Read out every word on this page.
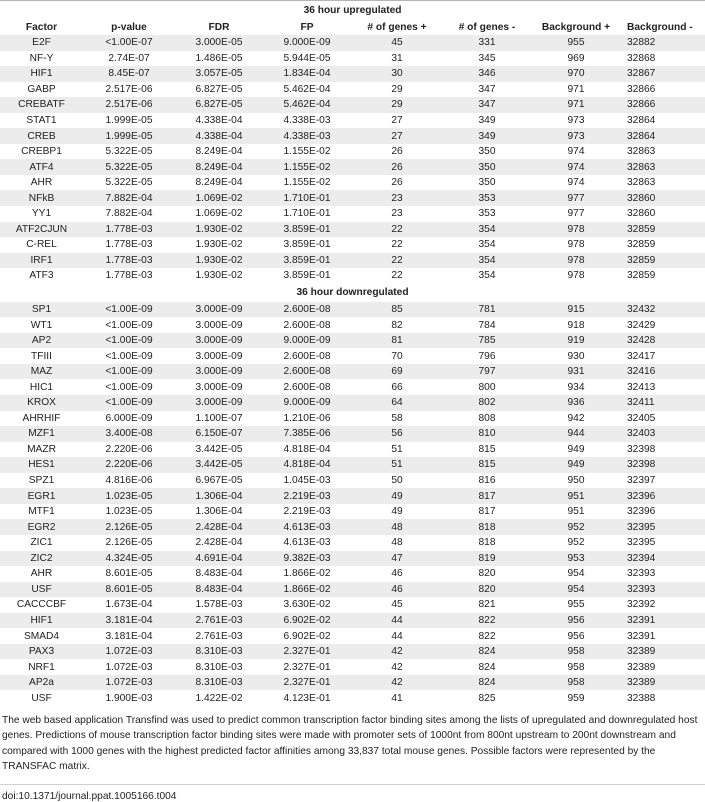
36 hour upregulated							
Factor	p-value	FDR	FP	# of genes +	# of genes -	Background +	Background -
E2F	<1.00E-07	3.000E-05	9.000E-09	45	331	955	32882
NF-Y	2.74E-07	1.486E-05	5.944E-05	31	345	969	32868
HIF1	8.45E-07	3.057E-05	1.834E-04	30	346	970	32867
GABP	2.517E-06	6.827E-05	5.462E-04	29	347	971	32866
CREBATF	2.517E-06	6.827E-05	5.462E-04	29	347	971	32866
STAT1	1.999E-05	4.338E-04	4.338E-03	27	349	973	32864
CREB	1.999E-05	4.338E-04	4.338E-03	27	349	973	32864
CREBP1	5.322E-05	8.249E-04	1.155E-02	26	350	974	32863
ATF4	5.322E-05	8.249E-04	1.155E-02	26	350	974	32863
AHR	5.322E-05	8.249E-04	1.155E-02	26	350	974	32863
NFkB	7.882E-04	1.069E-02	1.710E-01	23	353	977	32860
YY1	7.882E-04	1.069E-02	1.710E-01	23	353	977	32860
ATF2CJUN	1.778E-03	1.930E-02	3.859E-01	22	354	978	32859
C-REL	1.778E-03	1.930E-02	3.859E-01	22	354	978	32859
IRF1	1.778E-03	1.930E-02	3.859E-01	22	354	978	32859
ATF3	1.778E-03	1.930E-02	3.859E-01	22	354	978	32859
36 hour downregulated							
SP1	<1.00E-09	3.000E-09	2.600E-08	85	781	915	32432
WT1	<1.00E-09	3.000E-09	2.600E-08	82	784	918	32429
AP2	<1.00E-09	3.000E-09	9.000E-09	81	785	919	32428
TFIII	<1.00E-09	3.000E-09	2.600E-08	70	796	930	32417
MAZ	<1.00E-09	3.000E-09	2.600E-08	69	797	931	32416
HIC1	<1.00E-09	3.000E-09	2.600E-08	66	800	934	32413
KROX	<1.00E-09	3.000E-09	9.000E-09	64	802	936	32411
AHRHIF	6.000E-09	1.100E-07	1.210E-06	58	808	942	32405
MZF1	3.400E-08	6.150E-07	7.385E-06	56	810	944	32403
MAZR	2.220E-06	3.442E-05	4.818E-04	51	815	949	32398
HES1	2.220E-06	3.442E-05	4.818E-04	51	815	949	32398
SPZ1	4.816E-06	6.967E-05	1.045E-03	50	816	950	32397
EGR1	1.023E-05	1.306E-04	2.219E-03	49	817	951	32396
MTF1	1.023E-05	1.306E-04	2.219E-03	49	817	951	32396
EGR2	2.126E-05	2.428E-04	4.613E-03	48	818	952	32395
ZIC1	2.126E-05	2.428E-04	4.613E-03	48	818	952	32395
ZIC2	4.324E-05	4.691E-04	9.382E-03	47	819	953	32394
AHR	8.601E-05	8.483E-04	1.866E-02	46	820	954	32393
USF	8.601E-05	8.483E-04	1.866E-02	46	820	954	32393
CACCCBF	1.673E-04	1.578E-03	3.630E-02	45	821	955	32392
HIF1	3.181E-04	2.761E-03	6.902E-02	44	822	956	32391
SMAD4	3.181E-04	2.761E-03	6.902E-02	44	822	956	32391
PAX3	1.072E-03	8.310E-03	2.327E-01	42	824	958	32389
NRF1	1.072E-03	8.310E-03	2.327E-01	42	824	958	32389
AP2a	1.072E-03	8.310E-03	2.327E-01	42	824	958	32389
USF	1.900E-03	1.422E-02	4.123E-01	41	825	959	32388
The web based application Transfind was used to predict common transcription factor binding sites among the lists of upregulated and downregulated host genes. Predictions of mouse transcription factor binding sites were made with promoter sets of 1000nt from 800nt upstream to 200nt downstream and compared with 1000 genes with the highest predicted factor affinities among 33,837 total mouse genes. Possible factors were represented by the TRANSFAC matrix.
doi:10.1371/journal.ppat.1005166.t004
